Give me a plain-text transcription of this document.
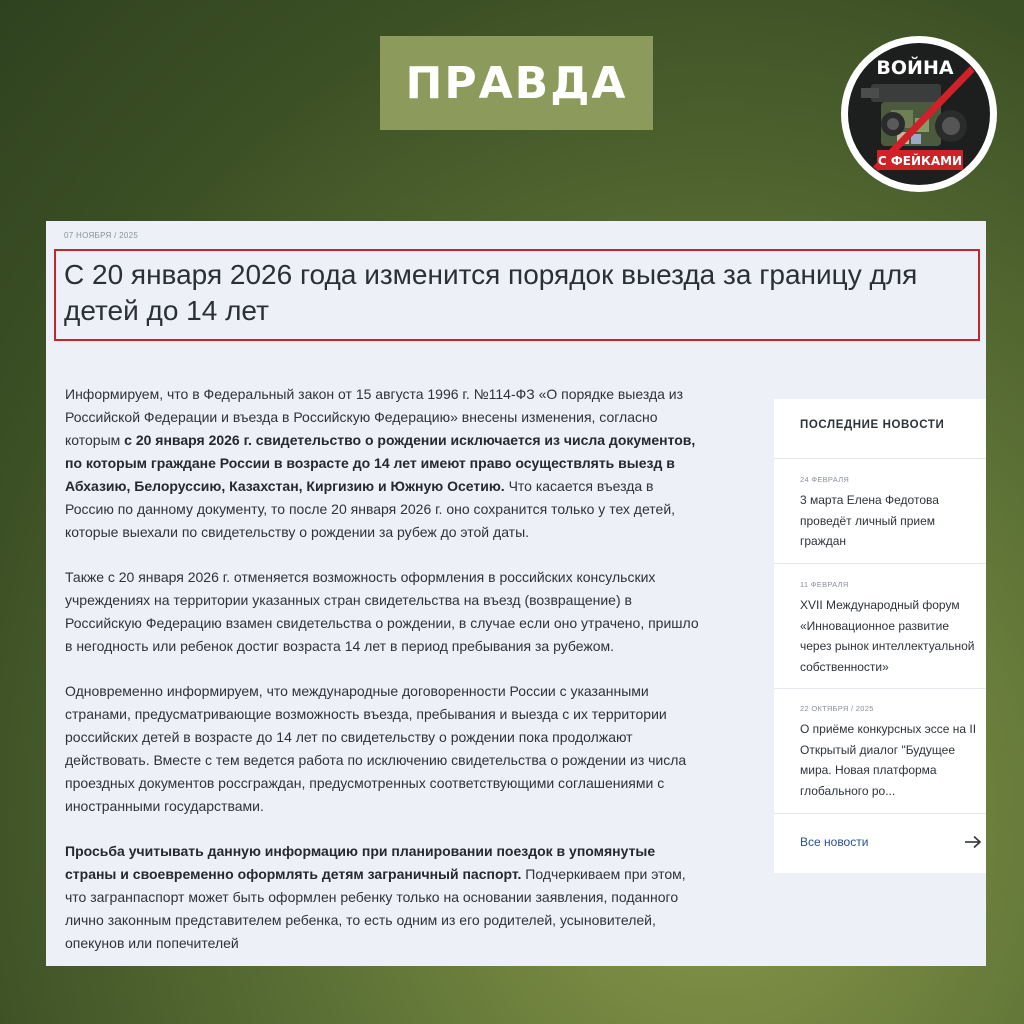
ПРАВДА	ВОЙНА
С ФЕЙКАМИ
07 НОЯБРЯ / 2025
С 20 января 2026 года изменится порядок выезда за границу для
детей до 14 лет

Информируем, что в Федеральный закон от 15 августа 1996 г. №114-ФЗ «О порядке выезда из Российской Федерации и въезда в Российскую Федерацию» внесены изменения, согласно которым с 20 января 2026 г. свидетельство о рождении исключается из числа документов, по которым граждане России в возрасте до 14 лет имеют право осуществлять выезд в Абхазию, Белоруссию, Казахстан, Киргизию и Южную Осетию. Что касается въезда в Россию по данному документу, то после 20 января 2026 г. оно сохранится только у тех детей, которые выехали по свидетельству о рождении за рубеж до этой даты.

Также с 20 января 2026 г. отменяется возможность оформления в российских консульских учреждениях на территории указанных стран свидетельства на въезд (возвращение) в Российскую Федерацию взамен свидетельства о рождении, в случае если оно утрачено, пришло в негодность или ребенок достиг возраста 14 лет в период пребывания за рубежом.

Одновременно информируем, что международные договоренности России с указанными странами, предусматривающие возможность въезда, пребывания и выезда с их территории российских детей в возрасте до 14 лет по свидетельству о рождении пока продолжают действовать. Вместе с тем ведется работа по исключению свидетельства о рождении из числа проездных документов россграждан, предусмотренных соответствующими соглашениями с иностранными государствами.

Просьба учитывать данную информацию при планировании поездок в упомянутые страны и своевременно оформлять детям заграничный паспорт. Подчеркиваем при этом, что загранпаспорт может быть оформлен ребенку только на основании заявления, поданного лично законным представителем ребенка, то есть одним из его родителей, усыновителей, опекунов или попечителей

ПОСЛЕДНИЕ НОВОСТИ
24 ФЕВРАЛЯ
3 марта Елена Федотова
проведёт личный прием
граждан
11 ФЕВРАЛЯ
XVII Международный форум
«Инновационное развитие
через рынок интеллектуальной
собственности»
22 ОКТЯБРЯ / 2025
О приёме конкурсных эссе на II
Открытый диалог "Будущее
мира. Новая платформа
глобального ро...
Все новости
